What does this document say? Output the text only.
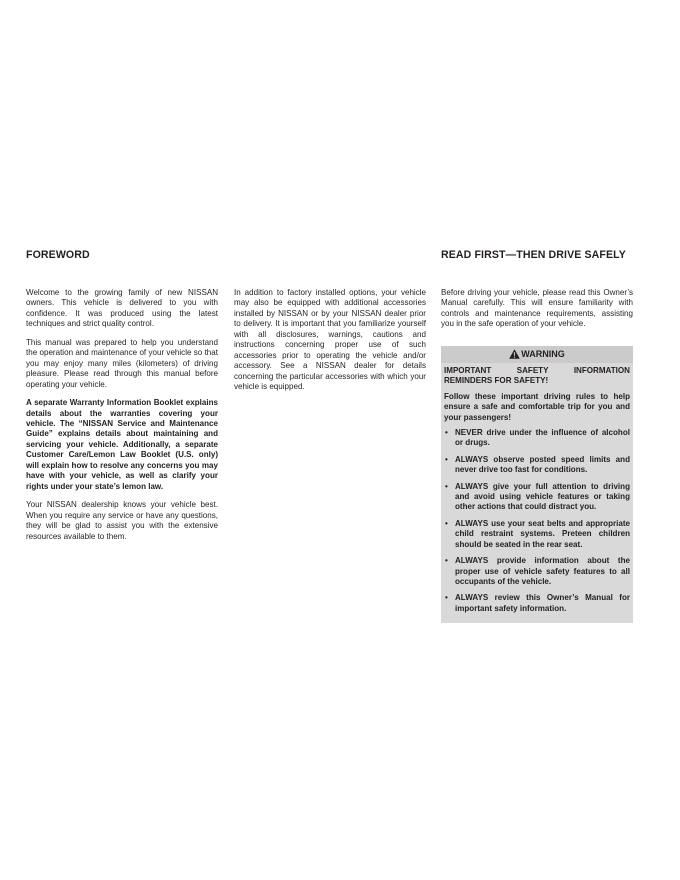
FOREWORD	READ FIRST—THEN DRIVE SAFELY

Welcome to the growing family of new NISSAN owners. This vehicle is delivered to you with confidence. It was produced using the latest techniques and strict quality control.

This manual was prepared to help you understand the operation and maintenance of your vehicle so that you may enjoy many miles (kilometers) of driving pleasure. Please read through this manual before operating your vehicle.

A separate Warranty Information Booklet explains details about the warranties covering your vehicle. The “NISSAN Service and Maintenance Guide” explains details about maintaining and servicing your vehicle. Additionally, a separate Customer Care/Lemon Law Booklet (U.S. only) will explain how to resolve any concerns you may have with your vehicle, as well as clarify your rights under your state’s lemon law.

Your NISSAN dealership knows your vehicle best. When you require any service or have any questions, they will be glad to assist you with the extensive resources available to them.

In addition to factory installed options, your vehicle may also be equipped with additional accessories installed by NISSAN or by your NISSAN dealer prior to delivery. It is important that you familiarize yourself with all disclosures, warnings, cautions and instructions concerning proper use of such accessories prior to operating the vehicle and/or accessory. See a NISSAN dealer for details concerning the particular accessories with which your vehicle is equipped.

Before driving your vehicle, please read this Owner’s Manual carefully. This will ensure familiarity with controls and maintenance requirements, assisting you in the safe operation of your vehicle.

WARNING

IMPORTANT SAFETY INFORMATION REMINDERS FOR SAFETY!

Follow these important driving rules to help ensure a safe and comfortable trip for you and your passengers!

• NEVER drive under the influence of alcohol or drugs.
• ALWAYS observe posted speed limits and never drive too fast for conditions.
• ALWAYS give your full attention to driving and avoid using vehicle features or taking other actions that could distract you.
• ALWAYS use your seat belts and appropriate child restraint systems. Preteen children should be seated in the rear seat.
• ALWAYS provide information about the proper use of vehicle safety features to all occupants of the vehicle.
• ALWAYS review this Owner’s Manual for important safety information.
